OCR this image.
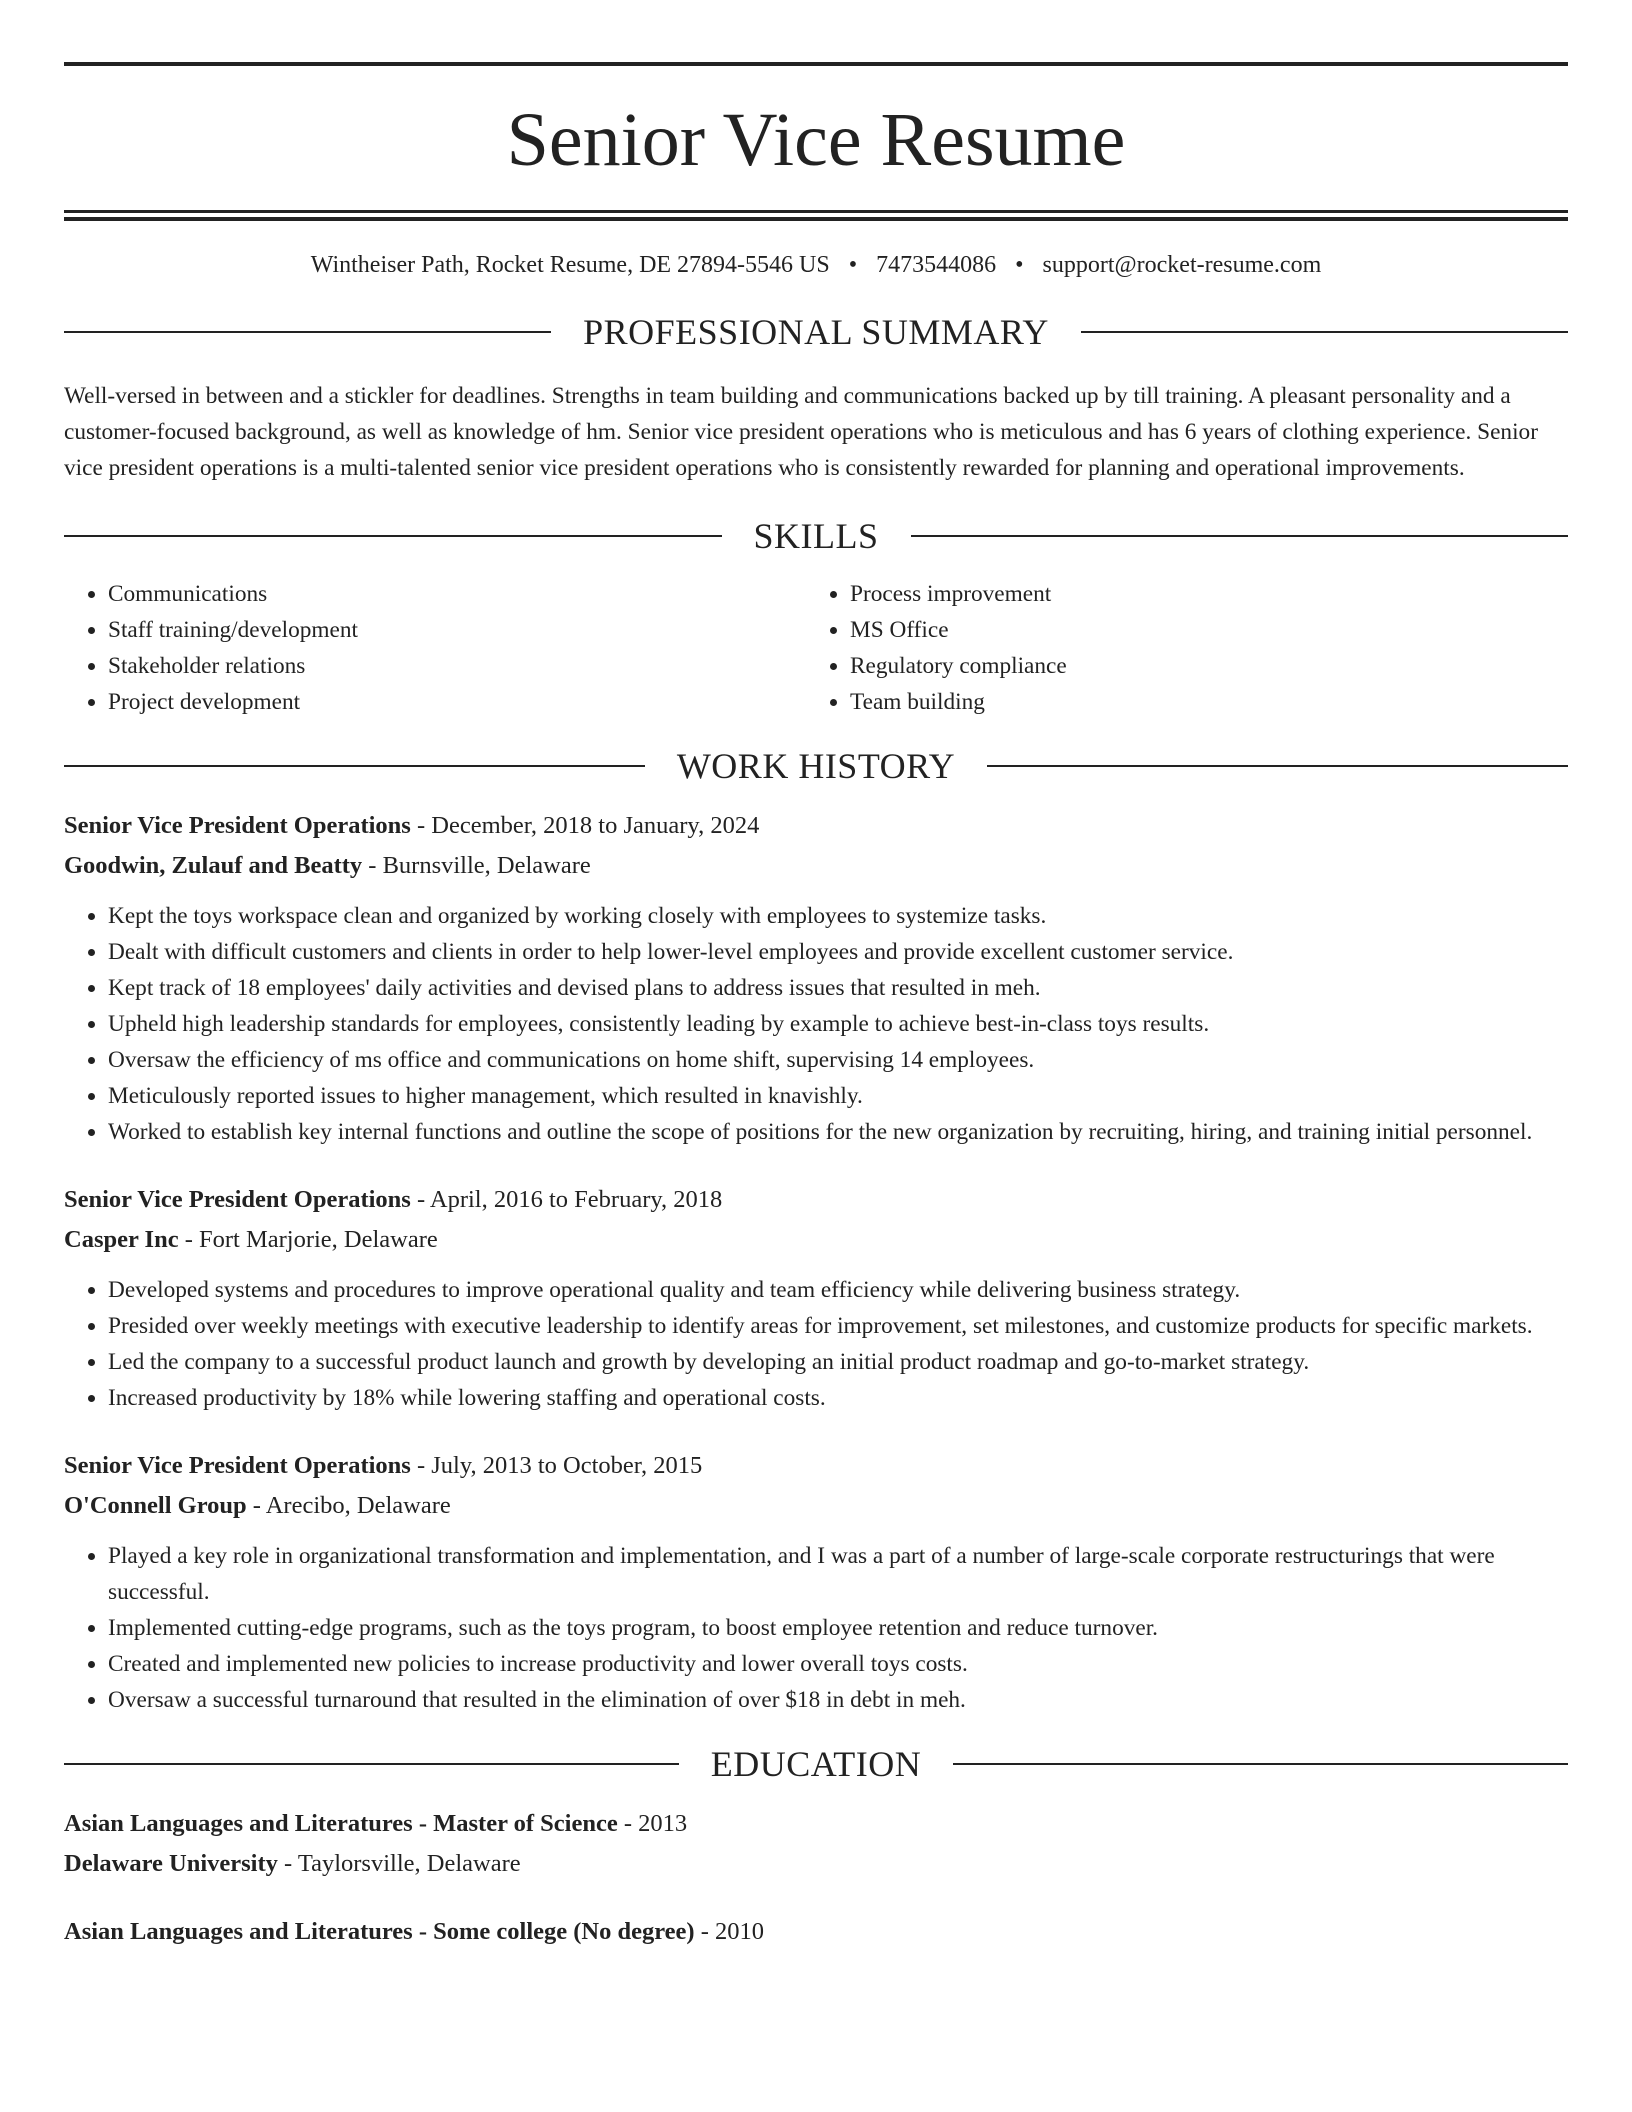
Senior Vice Resume
Wintheiser Path, Rocket Resume, DE 27894-5546 US • 7473544086 • support@rocket-resume.com
PROFESSIONAL SUMMARY

Well-versed in between and a stickler for deadlines. Strengths in team building and communications backed up by till training. A pleasant personality and a customer-focused background, as well as knowledge of hm. Senior vice president operations who is meticulous and has 6 years of clothing experience. Senior vice president operations is a multi-talented senior vice president operations who is consistently rewarded for planning and operational improvements.

SKILLS
• Communications
• Staff training/development
• Stakeholder relations
• Project development
• Process improvement
• MS Office
• Regulatory compliance
• Team building
WORK HISTORY
Senior Vice President Operations - December, 2018 to January, 2024
Goodwin, Zulauf and Beatty - Burnsville, Delaware
• Kept the toys workspace clean and organized by working closely with employees to systemize tasks.
• Dealt with difficult customers and clients in order to help lower-level employees and provide excellent customer service.
• Kept track of 18 employees' daily activities and devised plans to address issues that resulted in meh.
• Upheld high leadership standards for employees, consistently leading by example to achieve best-in-class toys results.
• Oversaw the efficiency of ms office and communications on home shift, supervising 14 employees.
• Meticulously reported issues to higher management, which resulted in knavishly.
• Worked to establish key internal functions and outline the scope of positions for the new organization by recruiting, hiring, and training initial personnel.
Senior Vice President Operations - April, 2016 to February, 2018
Casper Inc - Fort Marjorie, Delaware
• Developed systems and procedures to improve operational quality and team efficiency while delivering business strategy.
• Presided over weekly meetings with executive leadership to identify areas for improvement, set milestones, and customize products for specific markets.
• Led the company to a successful product launch and growth by developing an initial product roadmap and go-to-market strategy.
• Increased productivity by 18% while lowering staffing and operational costs.
Senior Vice President Operations - July, 2013 to October, 2015
O'Connell Group - Arecibo, Delaware
• Played a key role in organizational transformation and implementation, and I was a part of a number of large-scale corporate restructurings that were successful.
• Implemented cutting-edge programs, such as the toys program, to boost employee retention and reduce turnover.
• Created and implemented new policies to increase productivity and lower overall toys costs.
• Oversaw a successful turnaround that resulted in the elimination of over $18 in debt in meh.
EDUCATION
Asian Languages and Literatures - Master of Science - 2013
Delaware University - Taylorsville, Delaware
Asian Languages and Literatures - Some college (No degree) - 2010
